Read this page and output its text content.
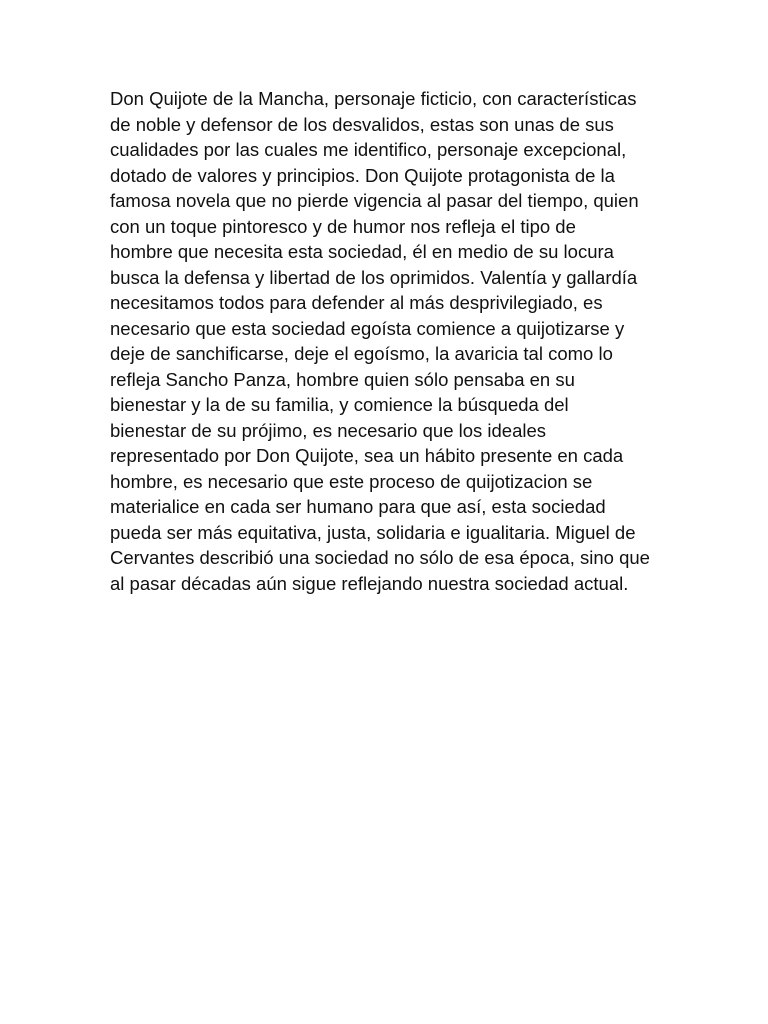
Don Quijote de la Mancha, personaje ficticio, con características
de noble y defensor de los desvalidos, estas son unas de sus
cualidades por las cuales me identifico, personaje excepcional,
dotado de valores y principios. Don Quijote protagonista de la
famosa novela que no pierde vigencia al pasar del tiempo, quien
con un toque pintoresco y de humor nos refleja el tipo de
hombre que necesita esta sociedad, él en medio de su locura
busca la defensa y libertad de los oprimidos. Valentía y gallardía
necesitamos todos para defender al más desprivilegiado, es
necesario que esta sociedad egoísta comience a quijotizarse y
deje de sanchificarse, deje el egoísmo, la avaricia tal como lo
refleja Sancho Panza, hombre quien sólo pensaba en su
bienestar y la de su familia, y comience la búsqueda del
bienestar de su prójimo, es necesario que los ideales
representado por Don Quijote, sea un hábito presente en cada
hombre, es necesario que este proceso de quijotizacion se
materialice en cada ser humano para que así, esta sociedad
pueda ser más equitativa, justa, solidaria e igualitaria. Miguel de
Cervantes describió una sociedad no sólo de esa época, sino que
al pasar décadas aún sigue reflejando nuestra sociedad actual.
